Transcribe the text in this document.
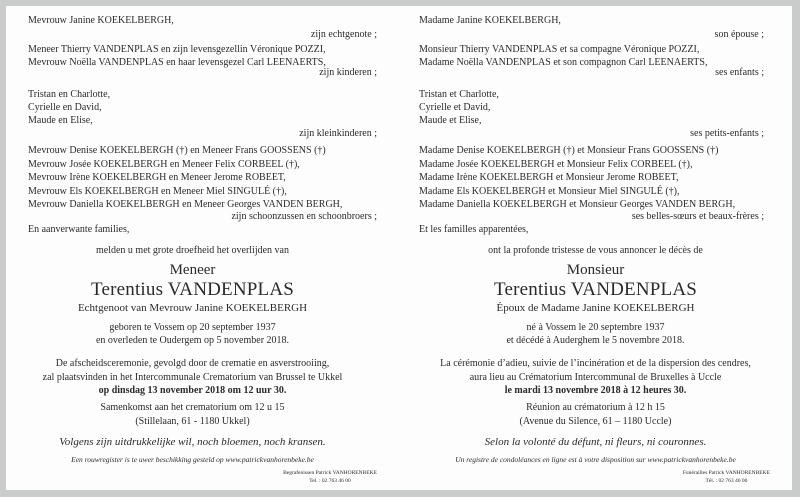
Mevrouw Janine KOEKELBERGH,
zijn echtgenote ;
Meneer Thierry VANDENPLAS en zijn levensgezellin Véronique POZZI,
Mevrouw Noëlla VANDENPLAS en haar levensgezel Carl LEENAERTS,
zijn kinderen ;
Tristan en Charlotte,
Cyrielle en David,
Maude en Elise,
zijn kleinkinderen ;
Mevrouw Denise KOEKELBERGH (†) en Meneer Frans GOOSSENS (†)
Mevrouw Josée KOEKELBERGH en Meneer Felix CORBEEL (†),
Mevrouw Irène KOEKELBERGH en Meneer Jerome ROBEET,
Mevrouw Els KOEKELBERGH en Meneer Miel SINGULÉ (†),
Mevrouw Daniella KOEKELBERGH en Meneer Georges VANDEN BERGH,
zijn schoonzussen en schoonbroers ;
En aanverwante families,
melden u met grote droefheid het overlijden van
Meneer
Terentius VANDENPLAS
Echtgenoot van Mevrouw Janine KOEKELBERGH
geboren te Vossem op 20 september 1937
en overleden te Oudergem op 5 november 2018.
De afscheidsceremonie, gevolgd door de crematie en asverstrooiing,
zal plaatsvinden in het Intercommunale Crematorium van Brussel te Ukkel
op dinsdag 13 november 2018 om 12 uur 30.
Samenkomst aan het crematorium om 12 u 15
(Stillelaan, 61 - 1180 Ukkel)
Volgens zijn uitdrukkelijke wil, noch bloemen, noch kransen.
Een rouwregister is te uwer beschikking gesteld op www.patrickvanhorenbeke.be
Begrafenissen Patrick VANHORENBEKE
Tel. : 02 763 46 00
Madame Janine KOEKELBERGH,
son épouse ;
Monsieur Thierry VANDENPLAS et sa compagne Véronique POZZI,
Madame Noëlla VANDENPLAS et son compagnon Carl LEENAERTS,
ses enfants ;
Tristan et Charlotte,
Cyrielle et David,
Maude et Elise,
ses petits-enfants ;
Madame Denise KOEKELBERGH (†) et Monsieur Frans GOOSSENS (†)
Madame Josée KOEKELBERGH et Monsieur Felix CORBEEL (†),
Madame Irène KOEKELBERGH et Monsieur Jerome ROBEET,
Madame Els KOEKELBERGH et Monsieur Miel SINGULÉ (†),
Madame Daniella KOEKELBERGH et Monsieur Georges VANDEN BERGH,
ses belles-sœurs et beaux-frères ;
Et les familles apparentées,
ont la profonde tristesse de vous annoncer le décès de
Monsieur
Terentius VANDENPLAS
Époux de Madame Janine KOEKELBERGH
né à Vossem le 20 septembre 1937
et décédé à Auderghem le 5 novembre 2018.
La cérémonie d’adieu, suivie de l’incinération et de la dispersion des cendres,
aura lieu au Crématorium Intercommunal de Bruxelles à Uccle
le mardi 13 novembre 2018 à 12 heures 30.
Réunion au crématorium à 12 h 15
(Avenue du Silence, 61 – 1180 Uccle)
Selon la volonté du défunt, ni fleurs, ni couronnes.
Un registre de condoléances en ligne est à votre disposition sur www.patrickvanhorenbeke.be
Funérailles Patrick VANHORENBEKE
Tél. : 02 763 46 00
